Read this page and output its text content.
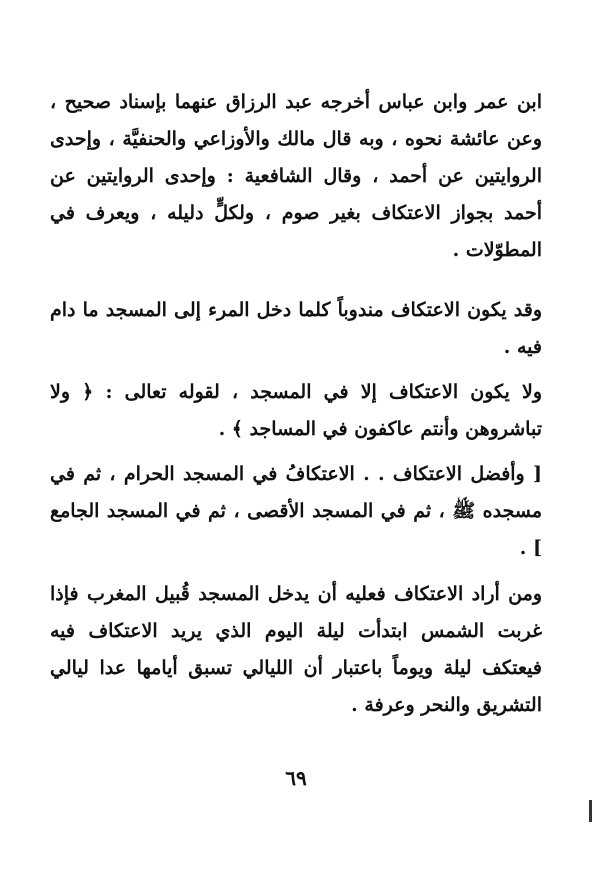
ابن عمر وابن عباس أخرجه عبد الرزاق عنهما بإسناد صحيح ، وعن عائشة نحوه ، وبه قال مالك والأوزاعي والحنفيَّة ، وإحدى الروايتين عن أحمد ، وقال الشافعية : وإحدى الروايتين عن أحمد بجواز الاعتكاف بغير صوم ، ولكلٍّ دليله ، ويعرف في المطوّلات .

وقد يكون الاعتكاف مندوباً كلما دخل المرء إلى المسجد ما دام فيه .

ولا يكون الاعتكاف إلا في المسجد ، لقوله تعالى : ﴿ ولا تباشروهن وأنتم عاكفون في المساجد ﴾ .

[ وأفضل الاعتكاف . . الاعتكافُ في المسجد الحرام ، ثم في مسجده ﷺ ، ثم في المسجد الأقصى ، ثم في المسجد الجامع ] .

ومن أراد الاعتكاف فعليه أن يدخل المسجد قُبيل المغرب فإذا غربت الشمس ابتدأت ليلة اليوم الذي يريد الاعتكاف فيه فيعتكف ليلة ويوماً باعتبار أن الليالي تسبق أيامها عدا ليالي التشريق والنحر وعرفة .

٦٩
